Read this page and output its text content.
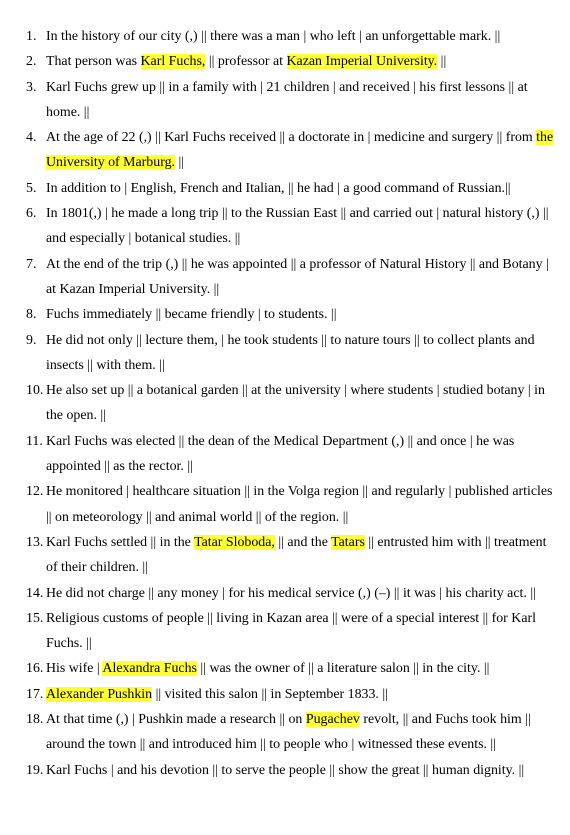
1. In the history of our city (,) || there was a man | who left | an unforgettable mark. ||
2. That person was Karl Fuchs, || professor at Kazan Imperial University. ||
3. Karl Fuchs grew up || in a family with | 21 children | and received | his first lessons || at home. ||
4. At the age of 22 (,) || Karl Fuchs received || a doctorate in | medicine and surgery || from the University of Marburg. ||
5. In addition to | English, French and Italian, || he had | a good command of Russian.||
6. In 1801(,) | he made a long trip || to the Russian East || and carried out | natural history (,) || and especially | botanical studies. ||
7. At the end of the trip (,) || he was appointed || a professor of Natural History || and Botany | at Kazan Imperial University. ||
8. Fuchs immediately || became friendly | to students. ||
9. He did not only || lecture them, | he took students || to nature tours || to collect plants and insects || with them. ||
10. He also set up || a botanical garden || at the university | where students | studied botany | in the open. ||
11. Karl Fuchs was elected || the dean of the Medical Department (,) || and once | he was appointed || as the rector. ||
12. He monitored | healthcare situation || in the Volga region || and regularly | published articles || on meteorology || and animal world || of the region. ||
13. Karl Fuchs settled || in the Tatar Sloboda, || and the Tatars || entrusted him with || treatment of their children. ||
14. He did not charge || any money | for his medical service (,) (–) || it was | his charity act. ||
15. Religious customs of people || living in Kazan area || were of a special interest || for Karl Fuchs. ||
16. His wife | Alexandra Fuchs || was the owner of || a literature salon || in the city. ||
17. Alexander Pushkin || visited this salon || in September 1833. ||
18. At that time (,) | Pushkin made a research || on Pugachev revolt, || and Fuchs took him || around the town || and introduced him || to people who | witnessed these events. ||
19. Karl Fuchs | and his devotion || to serve the people || show the great || human dignity. ||
